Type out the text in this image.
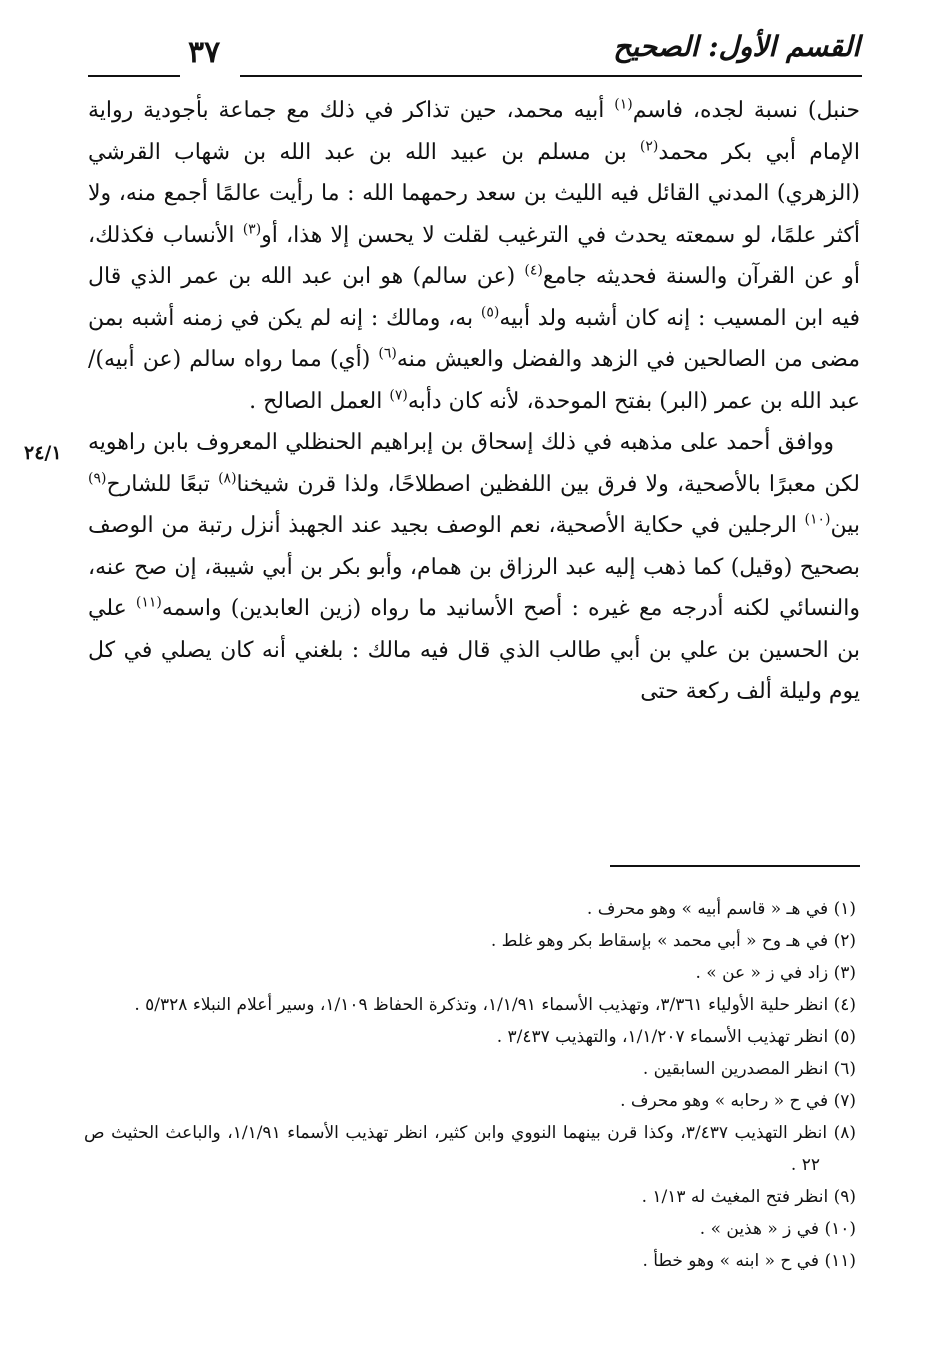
القسم الأول: الصحيح
٣٧
٢٤/١

حنبل) نسبة لجده، فاسم$^{(١)}$ أبيه محمد، حين تذاكر في ذلك مع جماعة بأجودية رواية الإمام أبي بكر محمد$^{(٢)}$ بن مسلم بن عبيد الله بن عبد الله بن شهاب القرشي (الزهري) المدني القائل فيه الليث بن سعد رحمهما الله : ما رأيت عالمًا أجمع منه، ولا أكثر علمًا، لو سمعته يحدث في الترغيب لقلت لا يحسن إلا هذا، أو$^{(٣)}$ الأنساب فكذلك، أو عن القرآن والسنة فحديثه جامع$^{(٤)}$ (عن سالم) هو ابن عبد الله بن عمر الذي قال فيه ابن المسيب : إنه كان أشبه ولد أبيه$^{(٥)}$ به، ومالك : إنه لم يكن في زمنه أشبه بمن مضى من الصالحين في الزهد والفضل والعيش منه$^{(٦)}$ (أي) مما رواه سالم (عن أبيه)/ عبد الله بن عمر (البر) بفتح الموحدة، لأنه كان دأبه$^{(٧)}$ العمل الصالح .

ووافق أحمد على مذهبه في ذلك إسحاق بن إبراهيم الحنظلي المعروف بابن راهويه لكن معبرًا بالأصحية، ولا فرق بين اللفظين اصطلاحًا، ولذا قرن شيخنا$^{(٨)}$ تبعًا للشارح$^{(٩)}$ بين$^{(١٠)}$ الرجلين في حكاية الأصحية، نعم الوصف بجيد عند الجهبذ أنزل رتبة من الوصف بصحيح (وقيل) كما ذهب إليه عبد الرزاق بن همام، وأبو بكر بن أبي شيبة، إن صح عنه، والنسائي لكنه أدرجه مع غيره : أصح الأسانيد ما رواه (زين العابدين) واسمه$^{(١١)}$ علي بن الحسين بن علي بن أبي طالب الذي قال فيه مالك : بلغني أنه كان يصلي في كل يوم وليلة ألف ركعة حتى

(١) في هـ « قاسم أبيه » وهو محرف .

(٢) في هـ وح « أبي محمد » بإسقاط بكر وهو غلط .

(٣) زاد في ز « عن » .

(٤) انظر حلية الأولياء ٣/٣٦١، وتهذيب الأسماء ١/١/٩١، وتذكرة الحفاظ ١/١٠٩، وسير أعلام النبلاء ٥/٣٢٨ .

(٥) انظر تهذيب الأسماء ١/١/٢٠٧، والتهذيب ٣/٤٣٧ .

(٦) انظر المصدرين السابقين .

(٧) في ح « رحابه » وهو محرف .

(٨) انظر التهذيب ٣/٤٣٧، وكذا قرن بينهما النووي وابن كثير، انظر تهذيب الأسماء ١/١/٩١، والباعث الحثيث ص ٢٢ .

(٩) انظر فتح المغيث له ١/١٣ .

(١٠) في ز « هذين » .

(١١) في ح « ابنه » وهو خطأ .
